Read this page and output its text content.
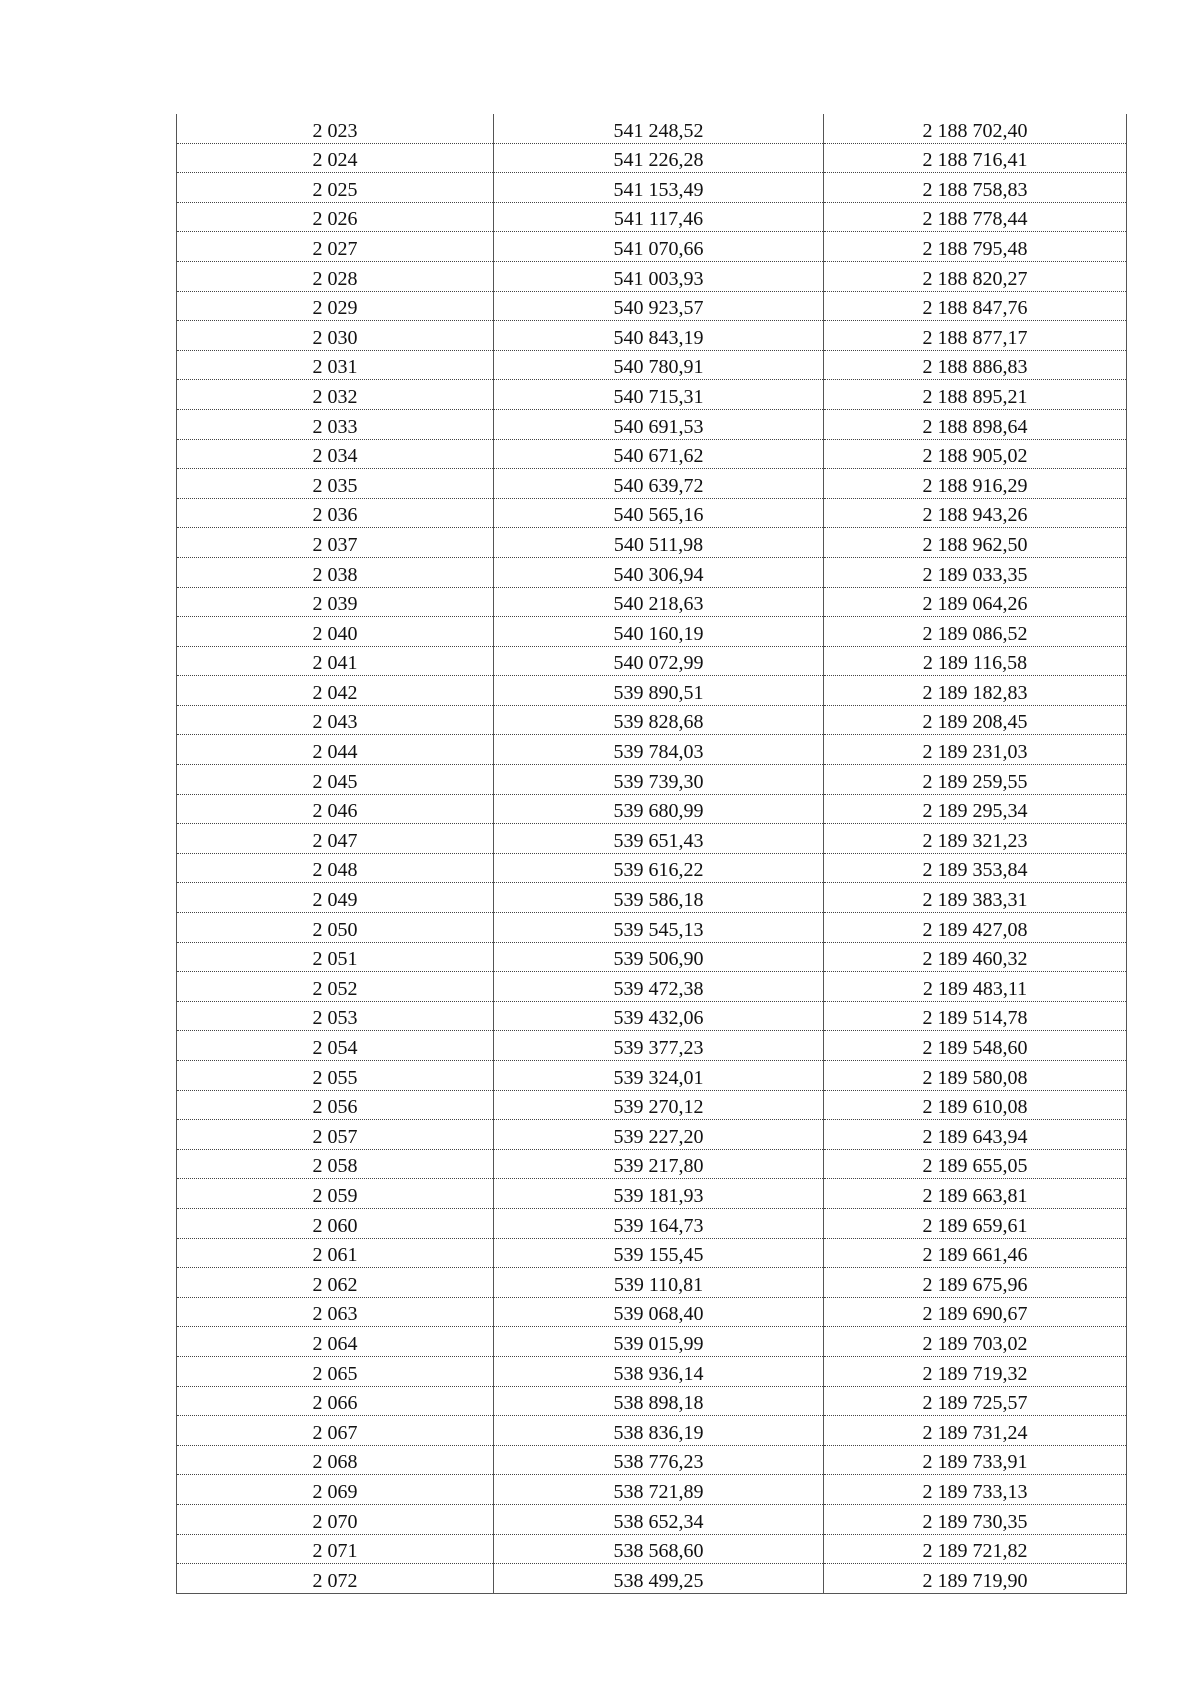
2 023	541 248,52	2 188 702,40
2 024	541 226,28	2 188 716,41
2 025	541 153,49	2 188 758,83
2 026	541 117,46	2 188 778,44
2 027	541 070,66	2 188 795,48
2 028	541 003,93	2 188 820,27
2 029	540 923,57	2 188 847,76
2 030	540 843,19	2 188 877,17
2 031	540 780,91	2 188 886,83
2 032	540 715,31	2 188 895,21
2 033	540 691,53	2 188 898,64
2 034	540 671,62	2 188 905,02
2 035	540 639,72	2 188 916,29
2 036	540 565,16	2 188 943,26
2 037	540 511,98	2 188 962,50
2 038	540 306,94	2 189 033,35
2 039	540 218,63	2 189 064,26
2 040	540 160,19	2 189 086,52
2 041	540 072,99	2 189 116,58
2 042	539 890,51	2 189 182,83
2 043	539 828,68	2 189 208,45
2 044	539 784,03	2 189 231,03
2 045	539 739,30	2 189 259,55
2 046	539 680,99	2 189 295,34
2 047	539 651,43	2 189 321,23
2 048	539 616,22	2 189 353,84
2 049	539 586,18	2 189 383,31
2 050	539 545,13	2 189 427,08
2 051	539 506,90	2 189 460,32
2 052	539 472,38	2 189 483,11
2 053	539 432,06	2 189 514,78
2 054	539 377,23	2 189 548,60
2 055	539 324,01	2 189 580,08
2 056	539 270,12	2 189 610,08
2 057	539 227,20	2 189 643,94
2 058	539 217,80	2 189 655,05
2 059	539 181,93	2 189 663,81
2 060	539 164,73	2 189 659,61
2 061	539 155,45	2 189 661,46
2 062	539 110,81	2 189 675,96
2 063	539 068,40	2 189 690,67
2 064	539 015,99	2 189 703,02
2 065	538 936,14	2 189 719,32
2 066	538 898,18	2 189 725,57
2 067	538 836,19	2 189 731,24
2 068	538 776,23	2 189 733,91
2 069	538 721,89	2 189 733,13
2 070	538 652,34	2 189 730,35
2 071	538 568,60	2 189 721,82
2 072	538 499,25	2 189 719,90
